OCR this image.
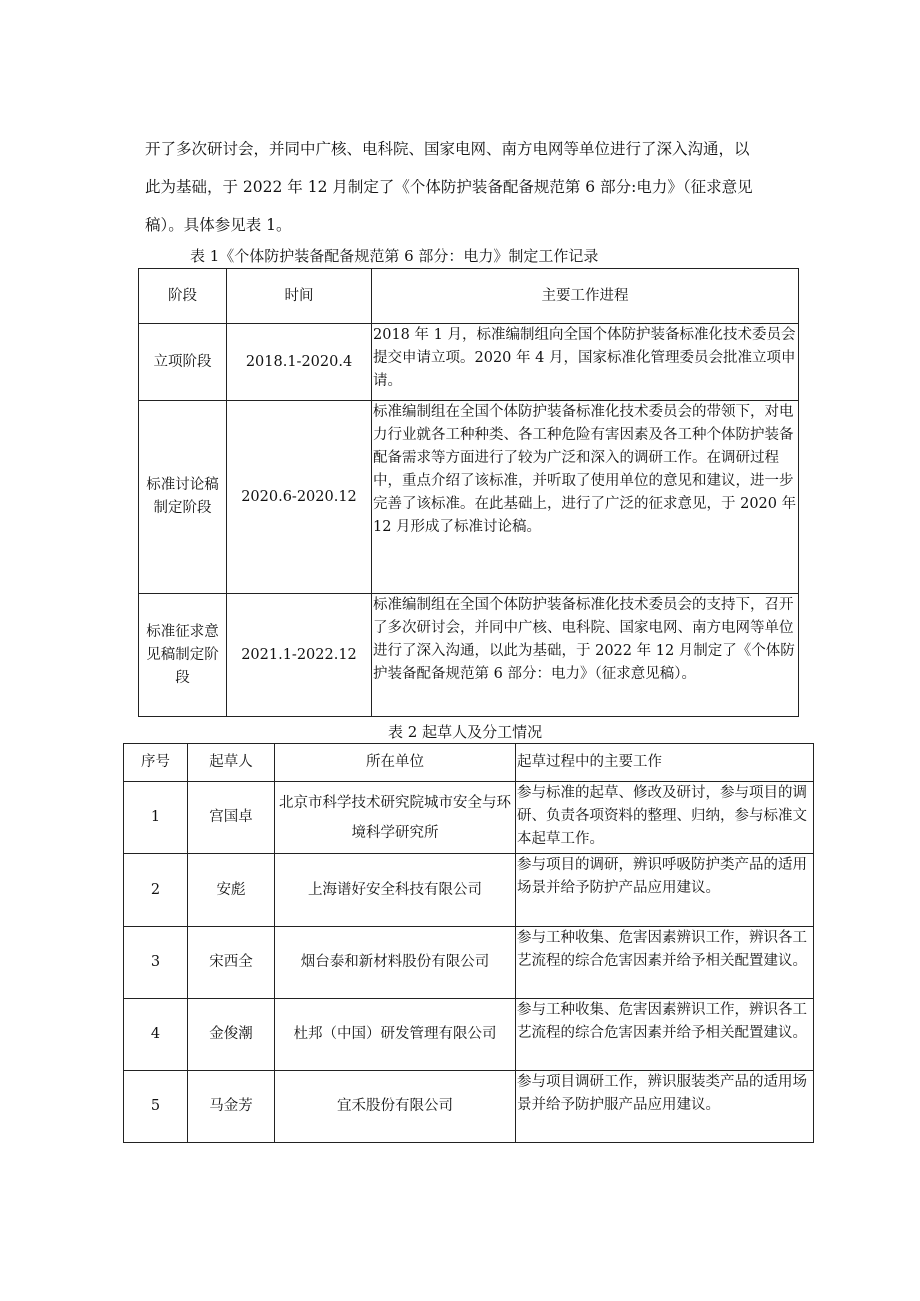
开了多次研讨会，并同中广核、电科院、国家电网、南方电网等单位进行了深入沟通，以
此为基础，于 2022 年 12 月制定了《个体防护装备配备规范第 6 部分:电力》（征求意见
稿）。具体参见表 1。
表 1《个体防护装备配备规范第 6 部分：电力》制定工作记录
阶段	时间	主要工作进程
立项阶段	2018.1-2020.4	2018 年 1 月，标准编制组向全国个体防护装备标准化技术委员会提交申请立项。2020 年 4 月，国家标准化管理委员会批准立项申请。
标准讨论稿制定阶段	2020.6-2020.12	标准编制组在全国个体防护装备标准化技术委员会的带领下，对电力行业就各工种种类、各工种危险有害因素及各工种个体防护装备配备需求等方面进行了较为广泛和深入的调研工作。在调研过程中，重点介绍了该标准，并听取了使用单位的意见和建议，进一步完善了该标准。在此基础上，进行了广泛的征求意见，于 2020 年 12 月形成了标准讨论稿。
标准征求意见稿制定阶段	2021.1-2022.12	标准编制组在全国个体防护装备标准化技术委员会的支持下，召开了多次研讨会，并同中广核、电科院、国家电网、南方电网等单位进行了深入沟通，以此为基础，于 2022 年 12 月制定了《个体防护装备配备规范第 6 部分：电力》（征求意见稿）。
表 2 起草人及分工情况
序号	起草人	所在单位	起草过程中的主要工作
1	宫国卓	北京市科学技术研究院城市安全与环境科学研究所	参与标准的起草、修改及研讨，参与项目的调研、负责各项资料的整理、归纳，参与标准文本起草工作。
2	安彪	上海谱好安全科技有限公司	参与项目的调研，辨识呼吸防护类产品的适用场景并给予防护产品应用建议。
3	宋西全	烟台泰和新材料股份有限公司	参与工种收集、危害因素辨识工作，辨识各工艺流程的综合危害因素并给予相关配置建议。
4	金俊潮	杜邦（中国）研发管理有限公司	参与工种收集、危害因素辨识工作，辨识各工艺流程的综合危害因素并给予相关配置建议。
5	马金芳	宜禾股份有限公司	参与项目调研工作，辨识服装类产品的适用场景并给予防护服产品应用建议。
